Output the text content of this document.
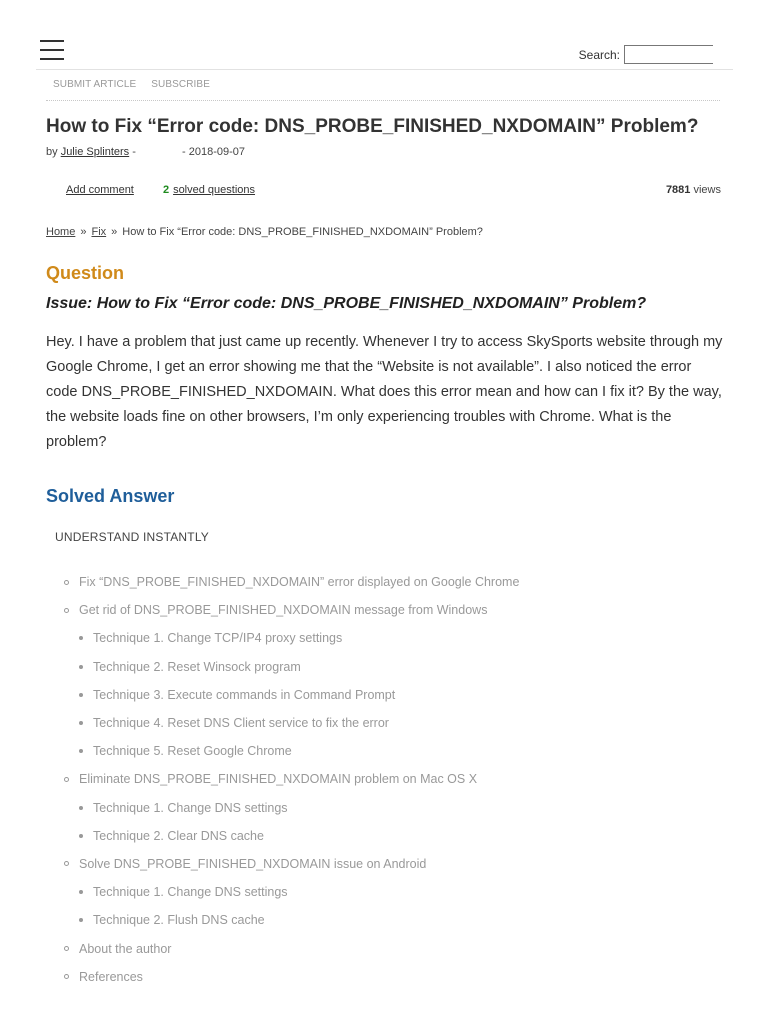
Search:
SUBMIT ARTICLE SUBSCRIBE
How to Fix “Error code: DNS_PROBE_FINISHED_NXDOMAIN” Problem?
by Julie Splinters -	- 2018-09-07
Add comment	2 solved questions	7881 views
Home » Fix » How to Fix “Error code: DNS_PROBE_FINISHED_NXDOMAIN” Problem?
Question
Issue: How to Fix “Error code: DNS_PROBE_FINISHED_NXDOMAIN” Problem?

Hey. I have a problem that just came up recently. Whenever I try to access SkySports website through my Google Chrome, I get an error showing me that the “Website is not available”. I also noticed the error code DNS_PROBE_FINISHED_NXDOMAIN. What does this error mean and how can I fix it? By the way, the website loads fine on other browsers, I’m only experiencing troubles with Chrome. What is the problem?

Solved Answer
UNDERSTAND INSTANTLY
Fix “DNS_PROBE_FINISHED_NXDOMAIN” error displayed on Google Chrome
Get rid of DNS_PROBE_FINISHED_NXDOMAIN message from Windows
Technique 1. Change TCP/IP4 proxy settings
Technique 2. Reset Winsock program
Technique 3. Execute commands in Command Prompt
Technique 4. Reset DNS Client service to fix the error
Technique 5. Reset Google Chrome
Eliminate DNS_PROBE_FINISHED_NXDOMAIN problem on Mac OS X
Technique 1. Change DNS settings
Technique 2. Clear DNS cache
Solve DNS_PROBE_FINISHED_NXDOMAIN issue on Android
Technique 1. Change DNS settings
Technique 2. Flush DNS cache
About the author
References
